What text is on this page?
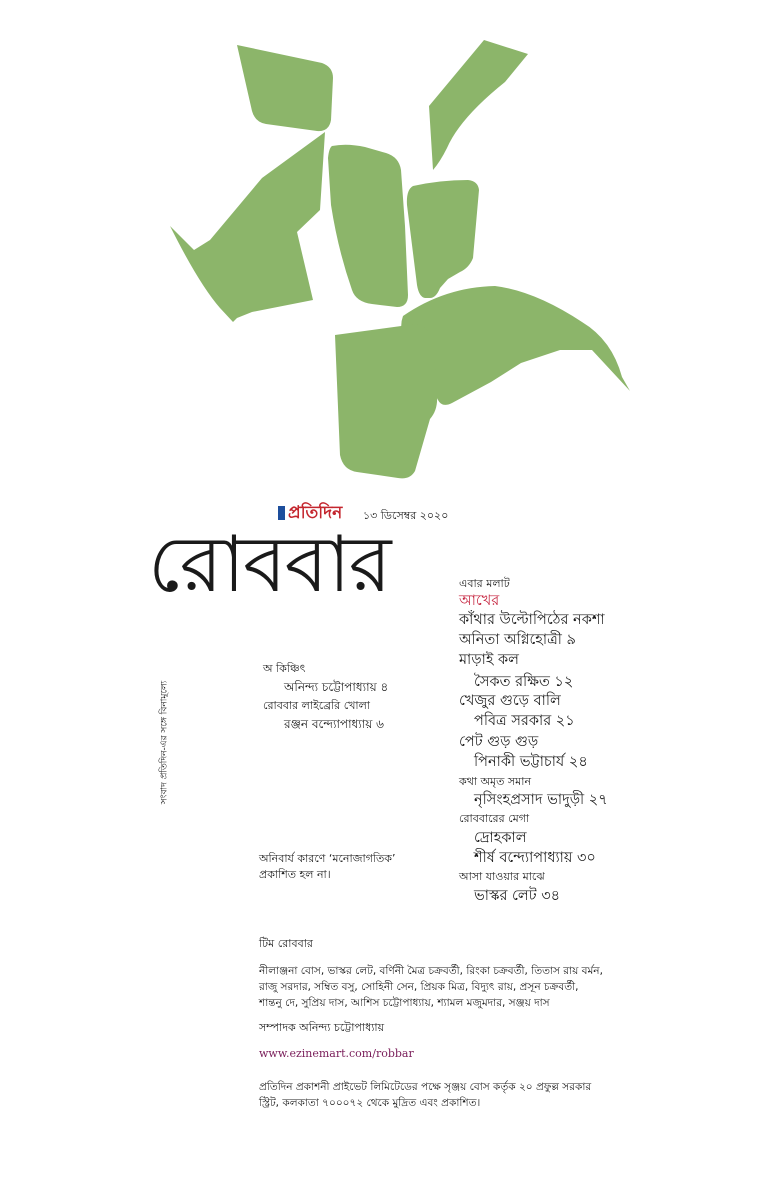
প্রতিদিন ১৩ ডিসেম্বর ২০২০
রোববার
সংবাদ প্রতিদিন-এর সঙ্গে বিনামূল্যে
অ কিঞ্চিৎ
অনিন্দ্য চট্টোপাধ্যায় ৪
রোববার লাইব্রেরি খোলা
রঞ্জন বন্দ্যোপাধ্যায় ৬
অনিবার্য কারণে ‘মনোজাগতিক’
প্রকাশিত হল না।
এবার মলাট
আখের
কাঁথার উল্টোপিঠের নকশা
অনিতা অগ্নিহোত্রী ৯
মাড়াই কল
সৈকত রক্ষিত ১২
খেজুর গুড়ে বালি
পবিত্র সরকার ২১
পেট গুড় গুড়
পিনাকী ভট্টাচার্য ২৪
কথা অমৃত সমান
নৃসিংহপ্রসাদ ভাদুড়ী ২৭
রোববারের মেগা
দ্রোহকাল
শীর্ষ বন্দ্যোপাধ্যায় ৩০
আসা যাওয়ার মাঝে
ভাস্কর লেট ৩৪
টিম রোববার
নীলাঞ্জনা বোস, ভাস্কর লেট, বর্ণিনী মৈত্র চক্রবর্তী, রিংকা চক্রবর্তী, তিতাস রায় বর্মন,
রাজু সরদার, সম্বিত বসু, সোহিনী সেন, প্রিয়ক মিত্র, বিদ্যুৎ রায়, প্রসূন চক্রবর্তী,
শান্তনু দে, সুপ্রিয় দাস, আশিস চট্টোপাধ্যায়, শ্যামল মজুমদার, সঞ্জয় দাস
সম্পাদক অনিন্দ্য চট্টোপাধ্যায়
www.ezinemart.com/robbar
প্রতিদিন প্রকাশনী প্রাইভেট লিমিটেডের পক্ষে সৃঞ্জয় বোস কর্তৃক ২০ প্রফুল্ল সরকার
স্ট্রিট, কলকাতা ৭০০০৭২ থেকে মুদ্রিত এবং প্রকাশিত।
